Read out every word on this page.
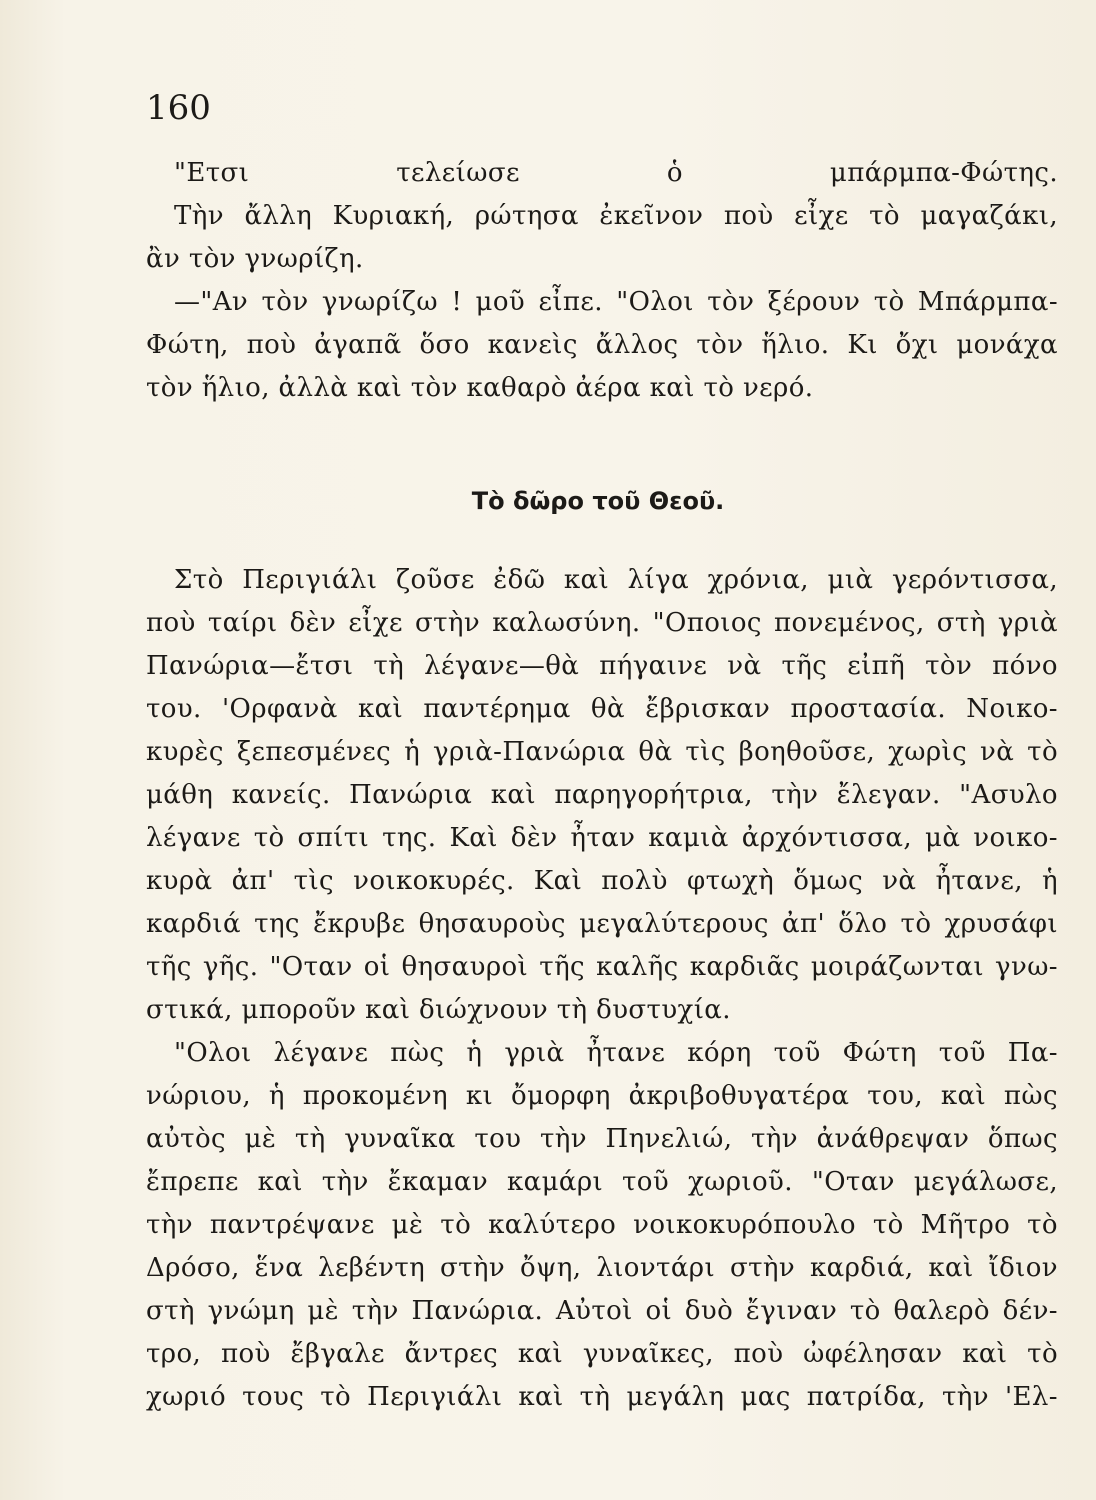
160
"Ετσι τελείωσε ὁ μπάρμπα-Φώτης.
Τὴν ἄλλη Κυριακή, ρώτησα ἐκεῖνον ποὺ εἶχε τὸ μαγαζάκι,
ἂν τὸν γνωρίζη.
—"Αν τὸν γνωρίζω ! μοῦ εἶπε. "Ολοι τὸν ξέρουν τὸ Μπάρμπα-
Φώτη, ποὺ ἀγαπᾶ ὅσο κανεὶς ἄλλος τὸν ἥλιο. Κι ὄχι μονάχα
τὸν ἥλιο, ἀλλὰ καὶ τὸν καθαρὸ ἀέρα καὶ τὸ νερό.
Τὸ δῶρο τοῦ Θεοῦ.
Στὸ Περιγιάλι ζοῦσε ἐδῶ καὶ λίγα χρόνια, μιὰ γερόντισσα,
ποὺ ταίρι δὲν εἶχε στὴν καλωσύνη. "Οποιος πονεμένος, στὴ γριὰ
Πανώρια—ἔτσι τὴ λέγανε—θὰ πήγαινε νὰ τῆς εἰπῆ τὸν πόνο
του. 'Ορφανὰ καὶ παντέρημα θὰ ἔβρισκαν προστασία. Νοικο-
κυρὲς ξεπεσμένες ἡ γριὰ-Πανώρια θὰ τὶς βοηθοῦσε, χωρὶς νὰ τὸ
μάθη κανείς. Πανώρια καὶ παρηγορήτρια, τὴν ἔλεγαν. "Ασυλο
λέγανε τὸ σπίτι της. Καὶ δὲν ἦταν καμιὰ ἀρχόντισσα, μὰ νοικο-
κυρὰ ἀπ' τὶς νοικοκυρές. Καὶ πολὺ φτωχὴ ὅμως νὰ ἦτανε, ἡ
καρδιά της ἔκρυβε θησαυροὺς μεγαλύτερους ἀπ' ὅλο τὸ χρυσάφι
τῆς γῆς. "Οταν οἱ θησαυροὶ τῆς καλῆς καρδιᾶς μοιράζωνται γνω-
στικά, μποροῦν καὶ διώχνουν τὴ δυστυχία.
"Ολοι λέγανε πὼς ἡ γριὰ ἦτανε κόρη τοῦ Φώτη τοῦ Πα-
νώριου, ἡ προκομένη κι ὄμορφη ἀκριβοθυγατέρα του, καὶ πὼς
αὐτὸς μὲ τὴ γυναῖκα του τὴν Πηνελιώ, τὴν ἀνάθρεψαν ὅπως
ἔπρεπε καὶ τὴν ἔκαμαν καμάρι τοῦ χωριοῦ. "Οταν μεγάλωσε,
τὴν παντρέψανε μὲ τὸ καλύτερο νοικοκυρόπουλο τὸ Μῆτρο τὸ
Δρόσο, ἕνα λεβέντη στὴν ὄψη, λιοντάρι στὴν καρδιά, καὶ ἴδιον
στὴ γνώμη μὲ τὴν Πανώρια. Αὐτοὶ οἱ δυὸ ἔγιναν τὸ θαλερὸ δέν-
τρο, ποὺ ἔβγαλε ἄντρες καὶ γυναῖκες, ποὺ ὠφέλησαν καὶ τὸ
χωριό τους τὸ Περιγιάλι καὶ τὴ μεγάλη μας πατρίδα, τὴν 'Ελ-
